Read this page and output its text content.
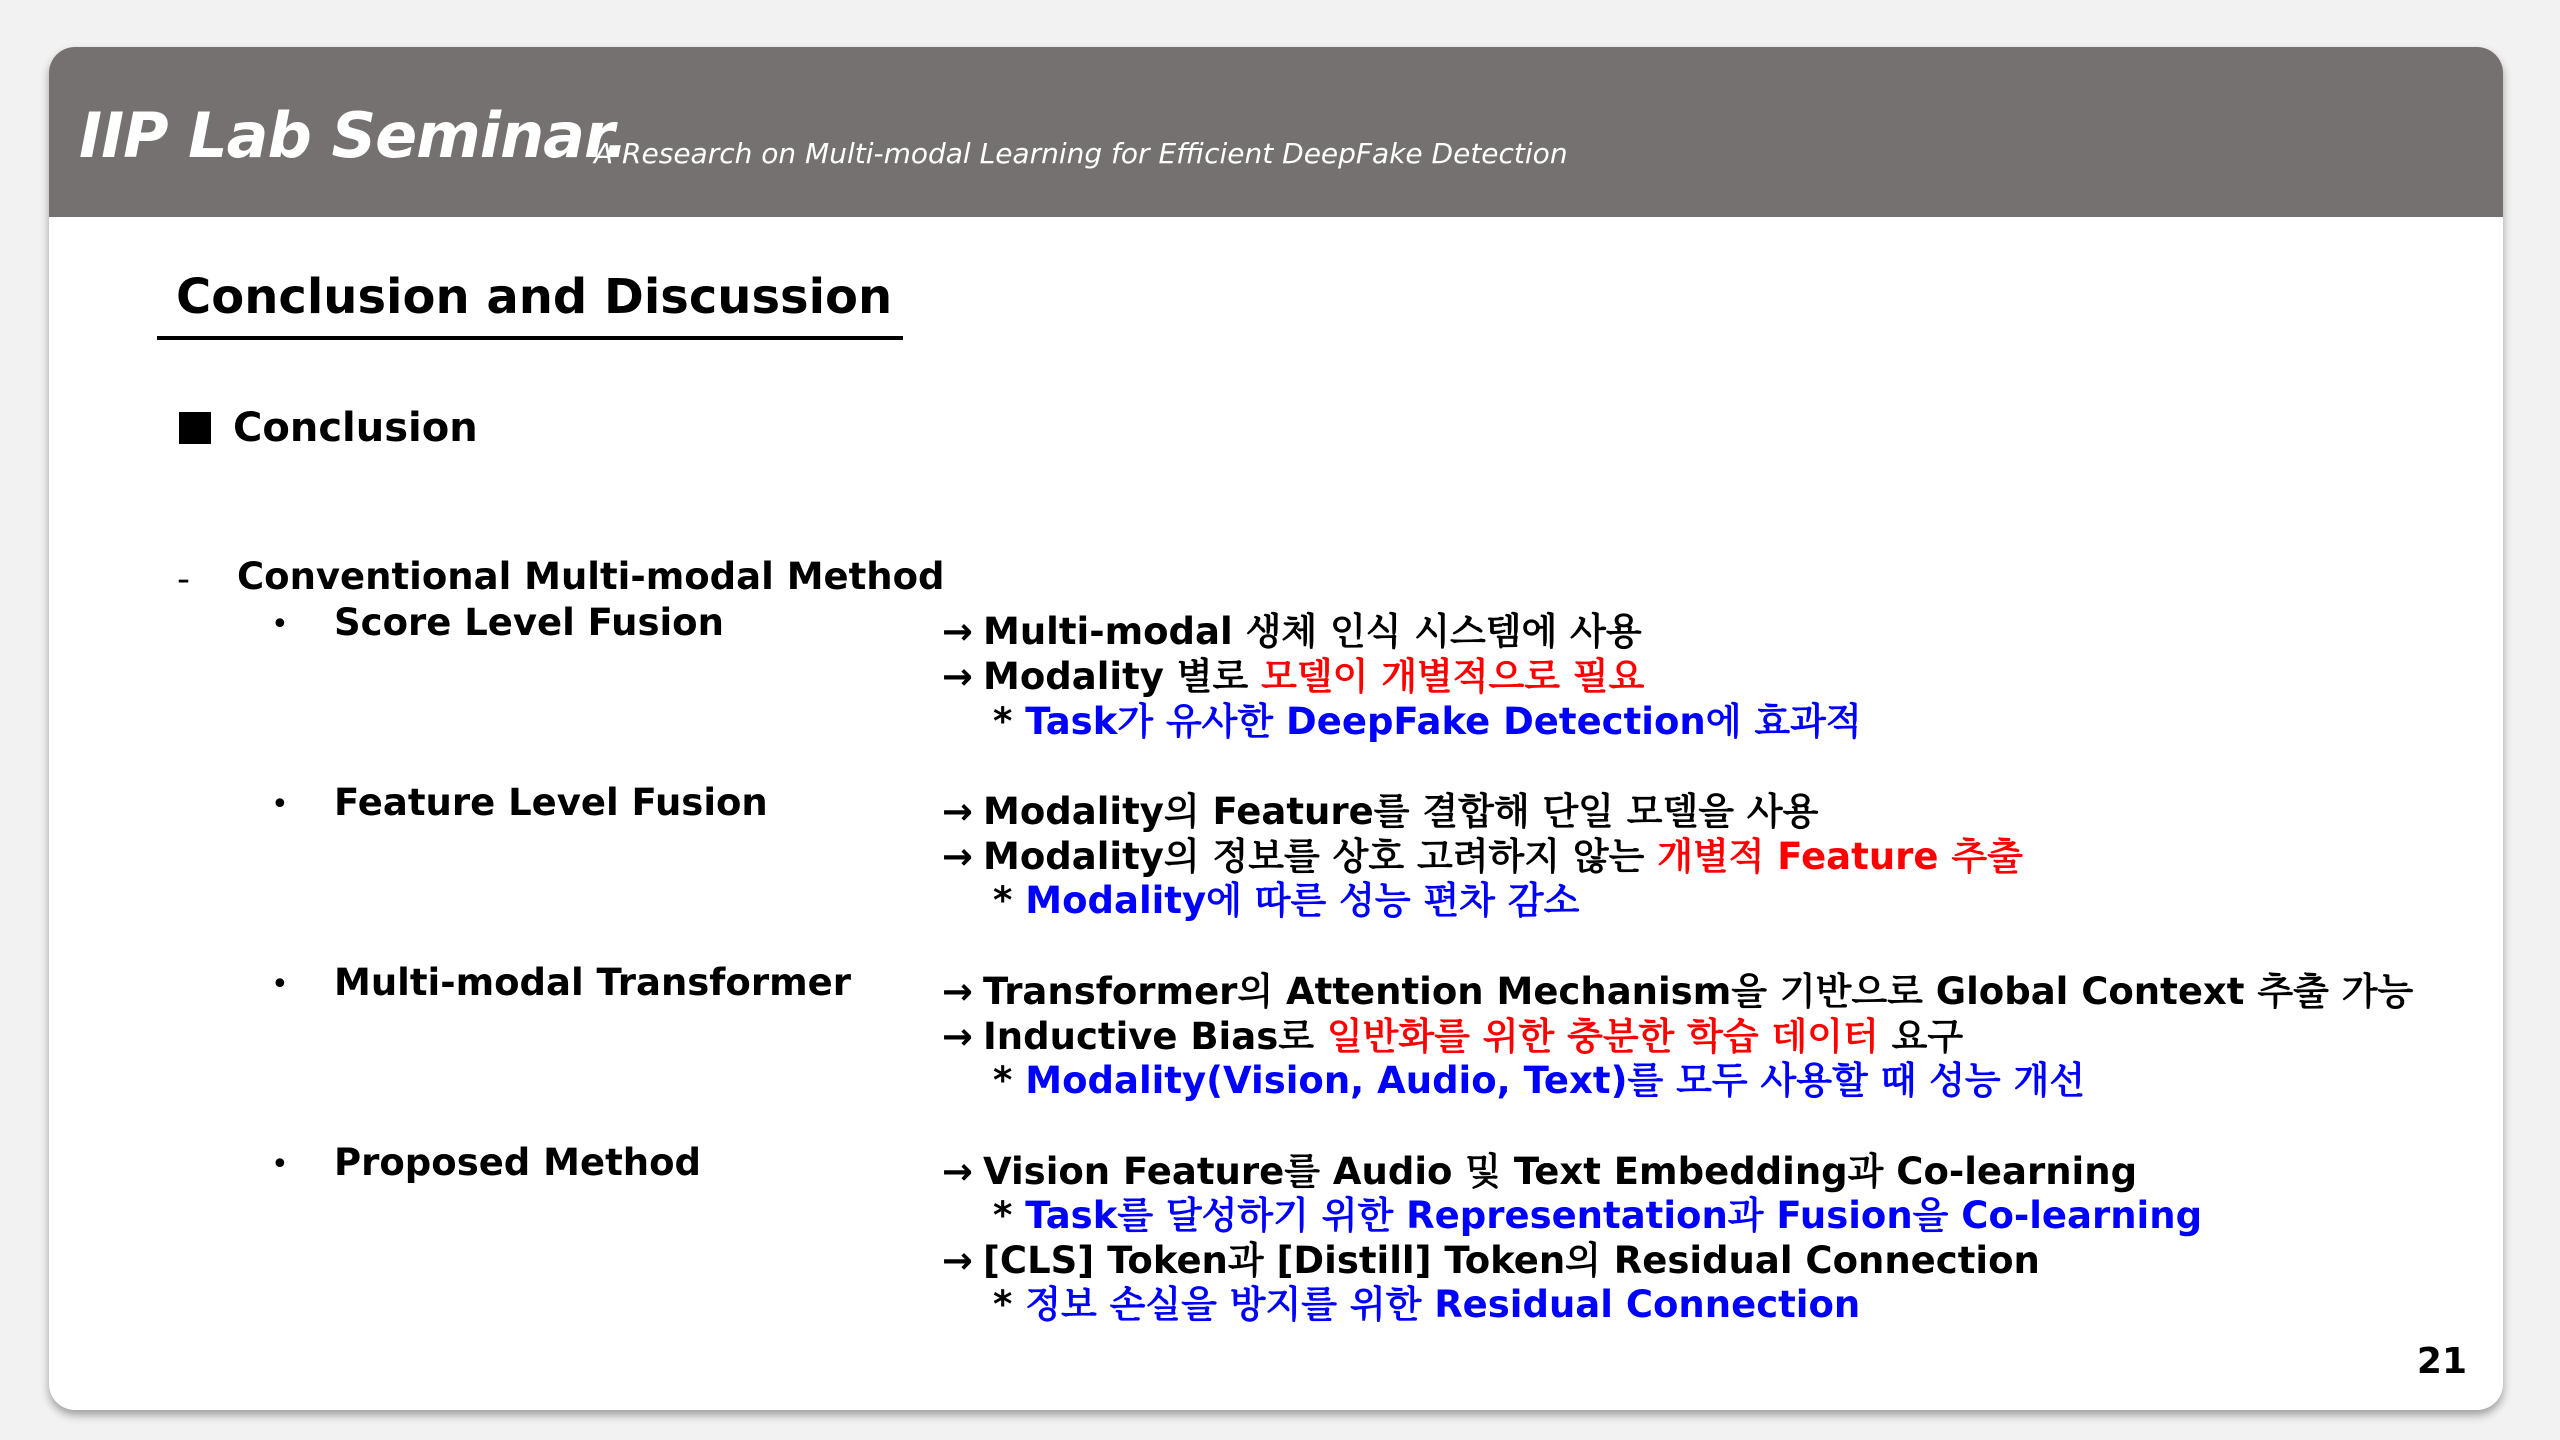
IIP Lab Seminar.
A Research on Multi-modal Learning for Efficient DeepFake Detection
Conclusion and Discussion
Conclusion
- Conventional Multi-modal Method
• Score Level Fusion	→ Multi-modal 생체 인식 시스템에 사용
→ Modality 별로 모델이 개별적으로 필요
* Task가 유사한 DeepFake Detection에 효과적
• Feature Level Fusion	→ Modality의 Feature를 결합해 단일 모델을 사용
→ Modality의 정보를 상호 고려하지 않는 개별적 Feature 추출
* Modality에 따른 성능 편차 감소
• Multi-modal Transformer → Transformer의 Attention Mechanism을 기반으로 Global Context 추출 가능
→ Inductive Bias로 일반화를 위한 충분한 학습 데이터 요구
* Modality(Vision, Audio, Text)를 모두 사용할 때 성능 개선
• Proposed Method	→ Vision Feature를 Audio 및 Text Embedding과 Co-learning
* Task를 달성하기 위한 Representation과 Fusion을 Co-learning
→ [CLS] Token과 [Distill] Token의 Residual Connection
* 정보 손실을 방지를 위한 Residual Connection
21
